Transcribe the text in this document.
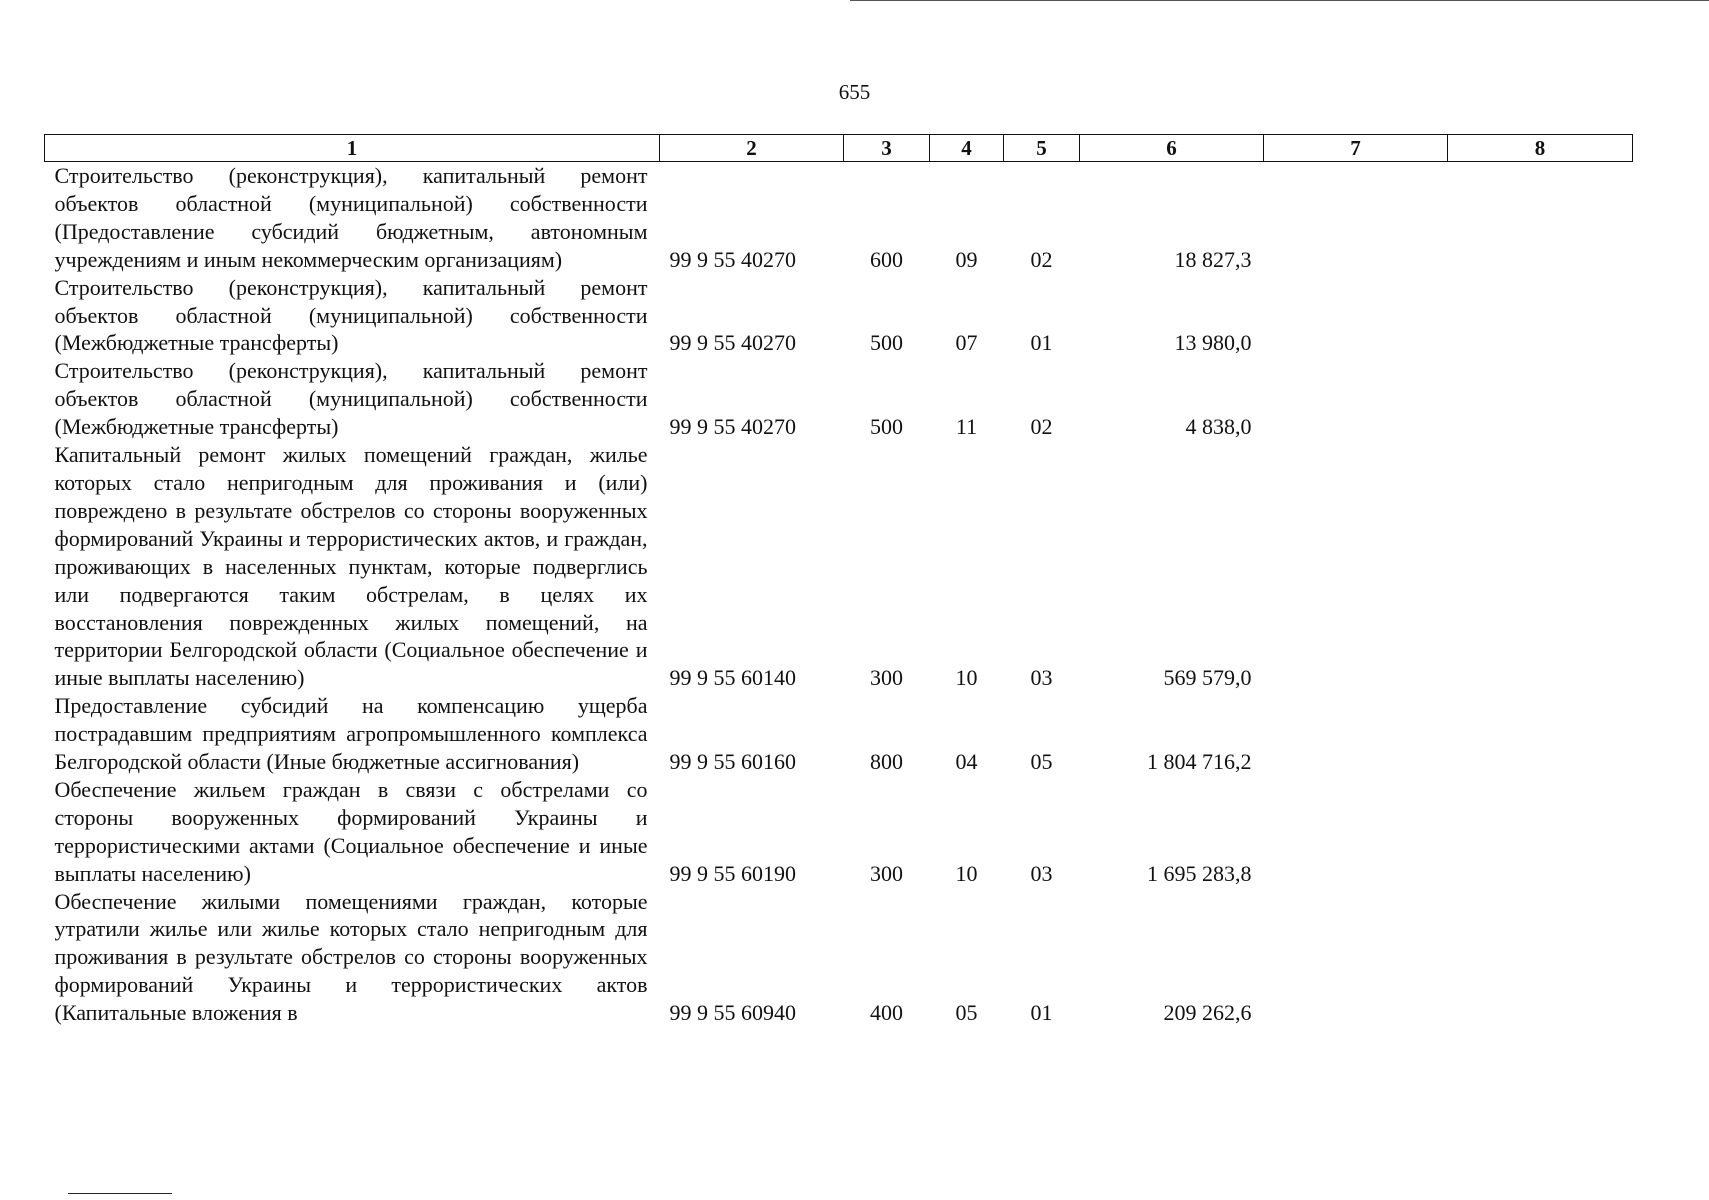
655
1	2	3	4	5	6	7	8
Строительство (реконструкция), капитальный ремонт объектов областной (муниципальной) собственности (Предоставление субсидий бюджетным, автономным учреждениям и иным некоммерческим организациям)	99 9 55 40270	600	09	02	18 827,3		
Строительство (реконструкция), капитальный ремонт объектов областной (муниципальной) собственности (Межбюджетные трансферты)	99 9 55 40270	500	07	01	13 980,0		
Строительство (реконструкция), капитальный ремонт объектов областной (муниципальной) собственности (Межбюджетные трансферты)	99 9 55 40270	500	11	02	4 838,0		
Капитальный ремонт жилых помещений граждан, жилье которых стало непригодным для проживания и (или) повреждено в результате обстрелов со стороны вооруженных формирований Украины и террористических актов, и граждан, проживающих в населенных пунктам, которые подверглись или подвергаются таким обстрелам, в целях их восстановления поврежденных жилых помещений, на территории Белгородской области (Социальное обеспечение и иные выплаты населению)	99 9 55 60140	300	10	03	569 579,0		
Предоставление субсидий на компенсацию ущерба пострадавшим предприятиям агропромышленного комплекса Белгородской области (Иные бюджетные ассигнования)	99 9 55 60160	800	04	05	1 804 716,2		
Обеспечение жильем граждан в связи с обстрелами со стороны вооруженных формирований Украины и террористическими актами (Социальное обеспечение и иные выплаты населению)	99 9 55 60190	300	10	03	1 695 283,8		
Обеспечение жилыми помещениями граждан, которые утратили жилье или жилье которых стало непригодным для проживания в результате обстрелов со стороны вооруженных формирований Украины и террористических актов (Капитальные вложения в	99 9 55 60940	400	05	01	209 262,6		
